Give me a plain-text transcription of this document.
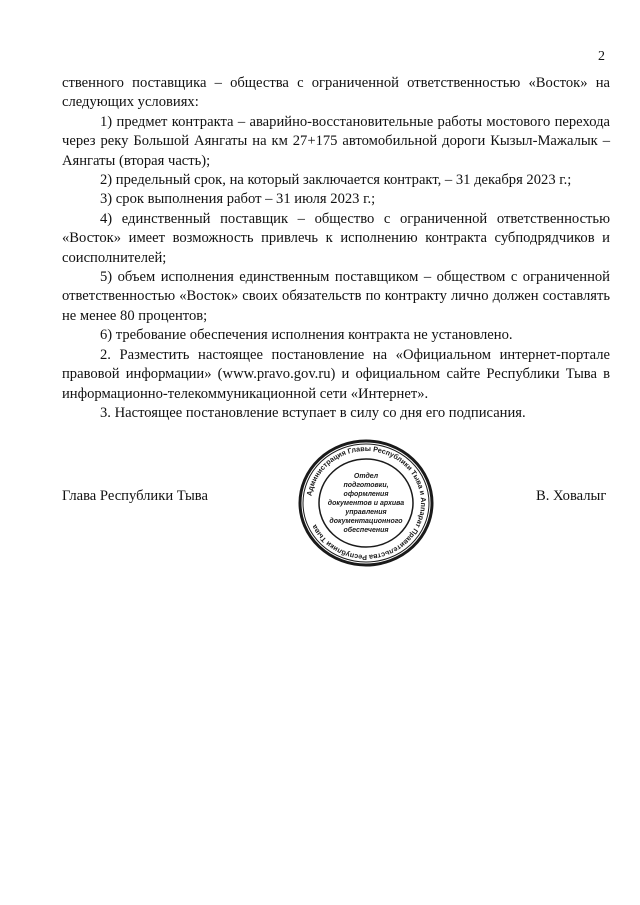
2

ственного поставщика – общества с ограниченной ответственностью «Восток» на следующих условиях:

1) предмет контракта – аварийно-восстановительные работы мостового перехода через реку Большой Аянгаты на км 27+175 автомобильной дороги Кызыл-Мажалык – Аянгаты (вторая часть);

2) предельный срок, на который заключается контракт, – 31 декабря 2023 г.;

3) срок выполнения работ – 31 июля 2023 г.;

4) единственный поставщик – общество с ограниченной ответственностью «Восток» имеет возможность привлечь к исполнению контракта субподрядчиков и соисполнителей;

5) объем исполнения единственным поставщиком – обществом с ограниченной ответственностью «Восток» своих обязательств по контракту лично должен составлять не менее 80 процентов;

6) требование обеспечения исполнения контракта не установлено.

2. Разместить настоящее постановление на «Официальном интернет-портале правовой информации» (www.pravo.gov.ru) и официальном сайте Республики Тыва в информационно-телекоммуникационной сети «Интернет».

3. Настоящее постановление вступает в силу со дня его подписания.

Глава Республики Тыва	В. Ховалыг
Администрация Главы Республики Тыва и Аппарат Правительства Республики Тыва
Отдел
подготовки,
оформления
документов и архива
управления
документационного
обеспечения
